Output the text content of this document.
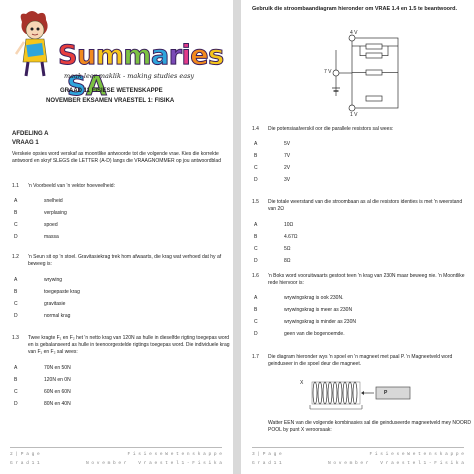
Summaries SA
maak leer maklik - making studies easy
GRAAD 11 FISIESE WETENSKAPPE
NOVEMBER EKSAMEN VRAESTEL 1: FISIKA
AFDELING A
VRAAG 1
Verskeie opsies word verskaf as moontlike antwoorde tot die volgende vrae. Kies die korrekte
antwoord en skryf SLEGS die LETTER (A-D) langs die VRAAGNOMMER op jou antwoordblad
1.1 'n Voorbeeld van 'n vektor hoeveelheid:
A	snelheid
B	verplasing
C	spoed
D	massa
1.2 'n Seun sit op 'n stoel. Gravitasiekrag trek hom afwaarts, die krag wat verhoed dat hy af
beweeg is:
A	wrywing
B	toegepaste krag
C	gravitasie
D	normal krag
1.3 Twee kragte F₁ en F₂ het 'n netto krag van 120N as hulle in dieselfde rigting toegepas word
en is gebalanseerd as hulle in teenoorgestelde rigtings toegepas word. Die individuele krag
van F₁ en F₂ sal wees:
A	70N en 50N
B	120N en 0N
C	60N en 60N
D	80N en 40N
2 | P a g e	F i s i e s e W e t e n s k a p p e
G r a d 1 1	N o v e m b e r	V r a e s t e l 1 - F i s i k a
Gebruik die stroombaandiagram hieronder om VRAE 1.4 en 1.5 te beantwoord.
4 V
7 V
1 V
1.4 Die potensiaalverskil oor die parallele resistors sal wees:
A	5V
B	7V
C	2V
D	3V
1.5 Die totale weerstand van die stroombaan as al die resistors identies is met 'n weerstand
van 2Ω
A	10Ω
B	4.67Ω
C	5Ω
D	8Ω
1.6 'n Boks word vooruitwaarts gestoot teen 'n krag van 230N maar beweeg nie. 'n Moontlike
rede hiervoor is:
A	wrywingskrag is ook 230N.
B	wrywingskrag is meer as 230N
C	wrywingskrag is minder as 230N
D	geen van die bogenoemde.
1.7 Die diagram hieronder wys 'n spoel en 'n magneet met paal P. 'n Magneetveld word
geinduseer in die spoel deur die magneet.
X
P
Watter EEN van die volgende kombinasies sal die geinduseerde magneetveld mey NOORD
POOL by punt X veroorsaak:
3 | P a g e	F i s i e s e W e t e n s k a p p e
G r a d 1 1	N o v e m b e r	V r a e s t e l 1 - F i s i k a
